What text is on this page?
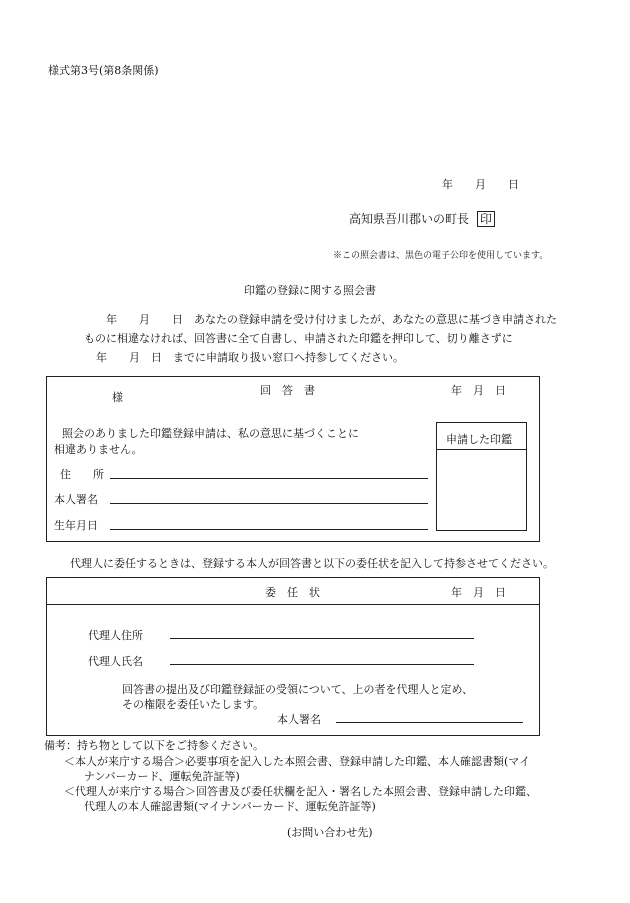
様式第3号(第8条関係)
年　　月　　日
高知県吾川郡いの町長 印
※この照会書は、黒色の電子公印を使用しています。
印鑑の登録に関する照会書
年　　月　　日　あなたの登録申請を受け付けましたが、あなたの意思に基づき申請された
ものに相違なければ、回答書に全て自書し、申請された印鑑を押印して、切り離さずに
年　　月　日　までに申請取り扱い窓口へ持参してください。
様
回　答　書	年　月　日
照会のありました印鑑登録申請は、私の意思に基づくことに
相違ありません。
住　　所
本人署名
生年月日
申請した印鑑
代理人に委任するときは、登録する本人が回答書と以下の委任状を記入して持参させてください。
委　任　状	年　月　日
代理人住所
代理人氏名
回答書の提出及び印鑑登録証の受領について、上の者を代理人と定め、
その権限を委任いたします。
本人署名
備考：持ち物として以下をご持参ください。
＜本人が来庁する場合＞必要事項を記入した本照会書、登録申請した印鑑、本人確認書類(マイ
ナンバーカード、運転免許証等)
＜代理人が来庁する場合＞回答書及び委任状欄を記入・署名した本照会書、登録申請した印鑑、
代理人の本人確認書類(マイナンバーカード、運転免許証等)
(お問い合わせ先)
